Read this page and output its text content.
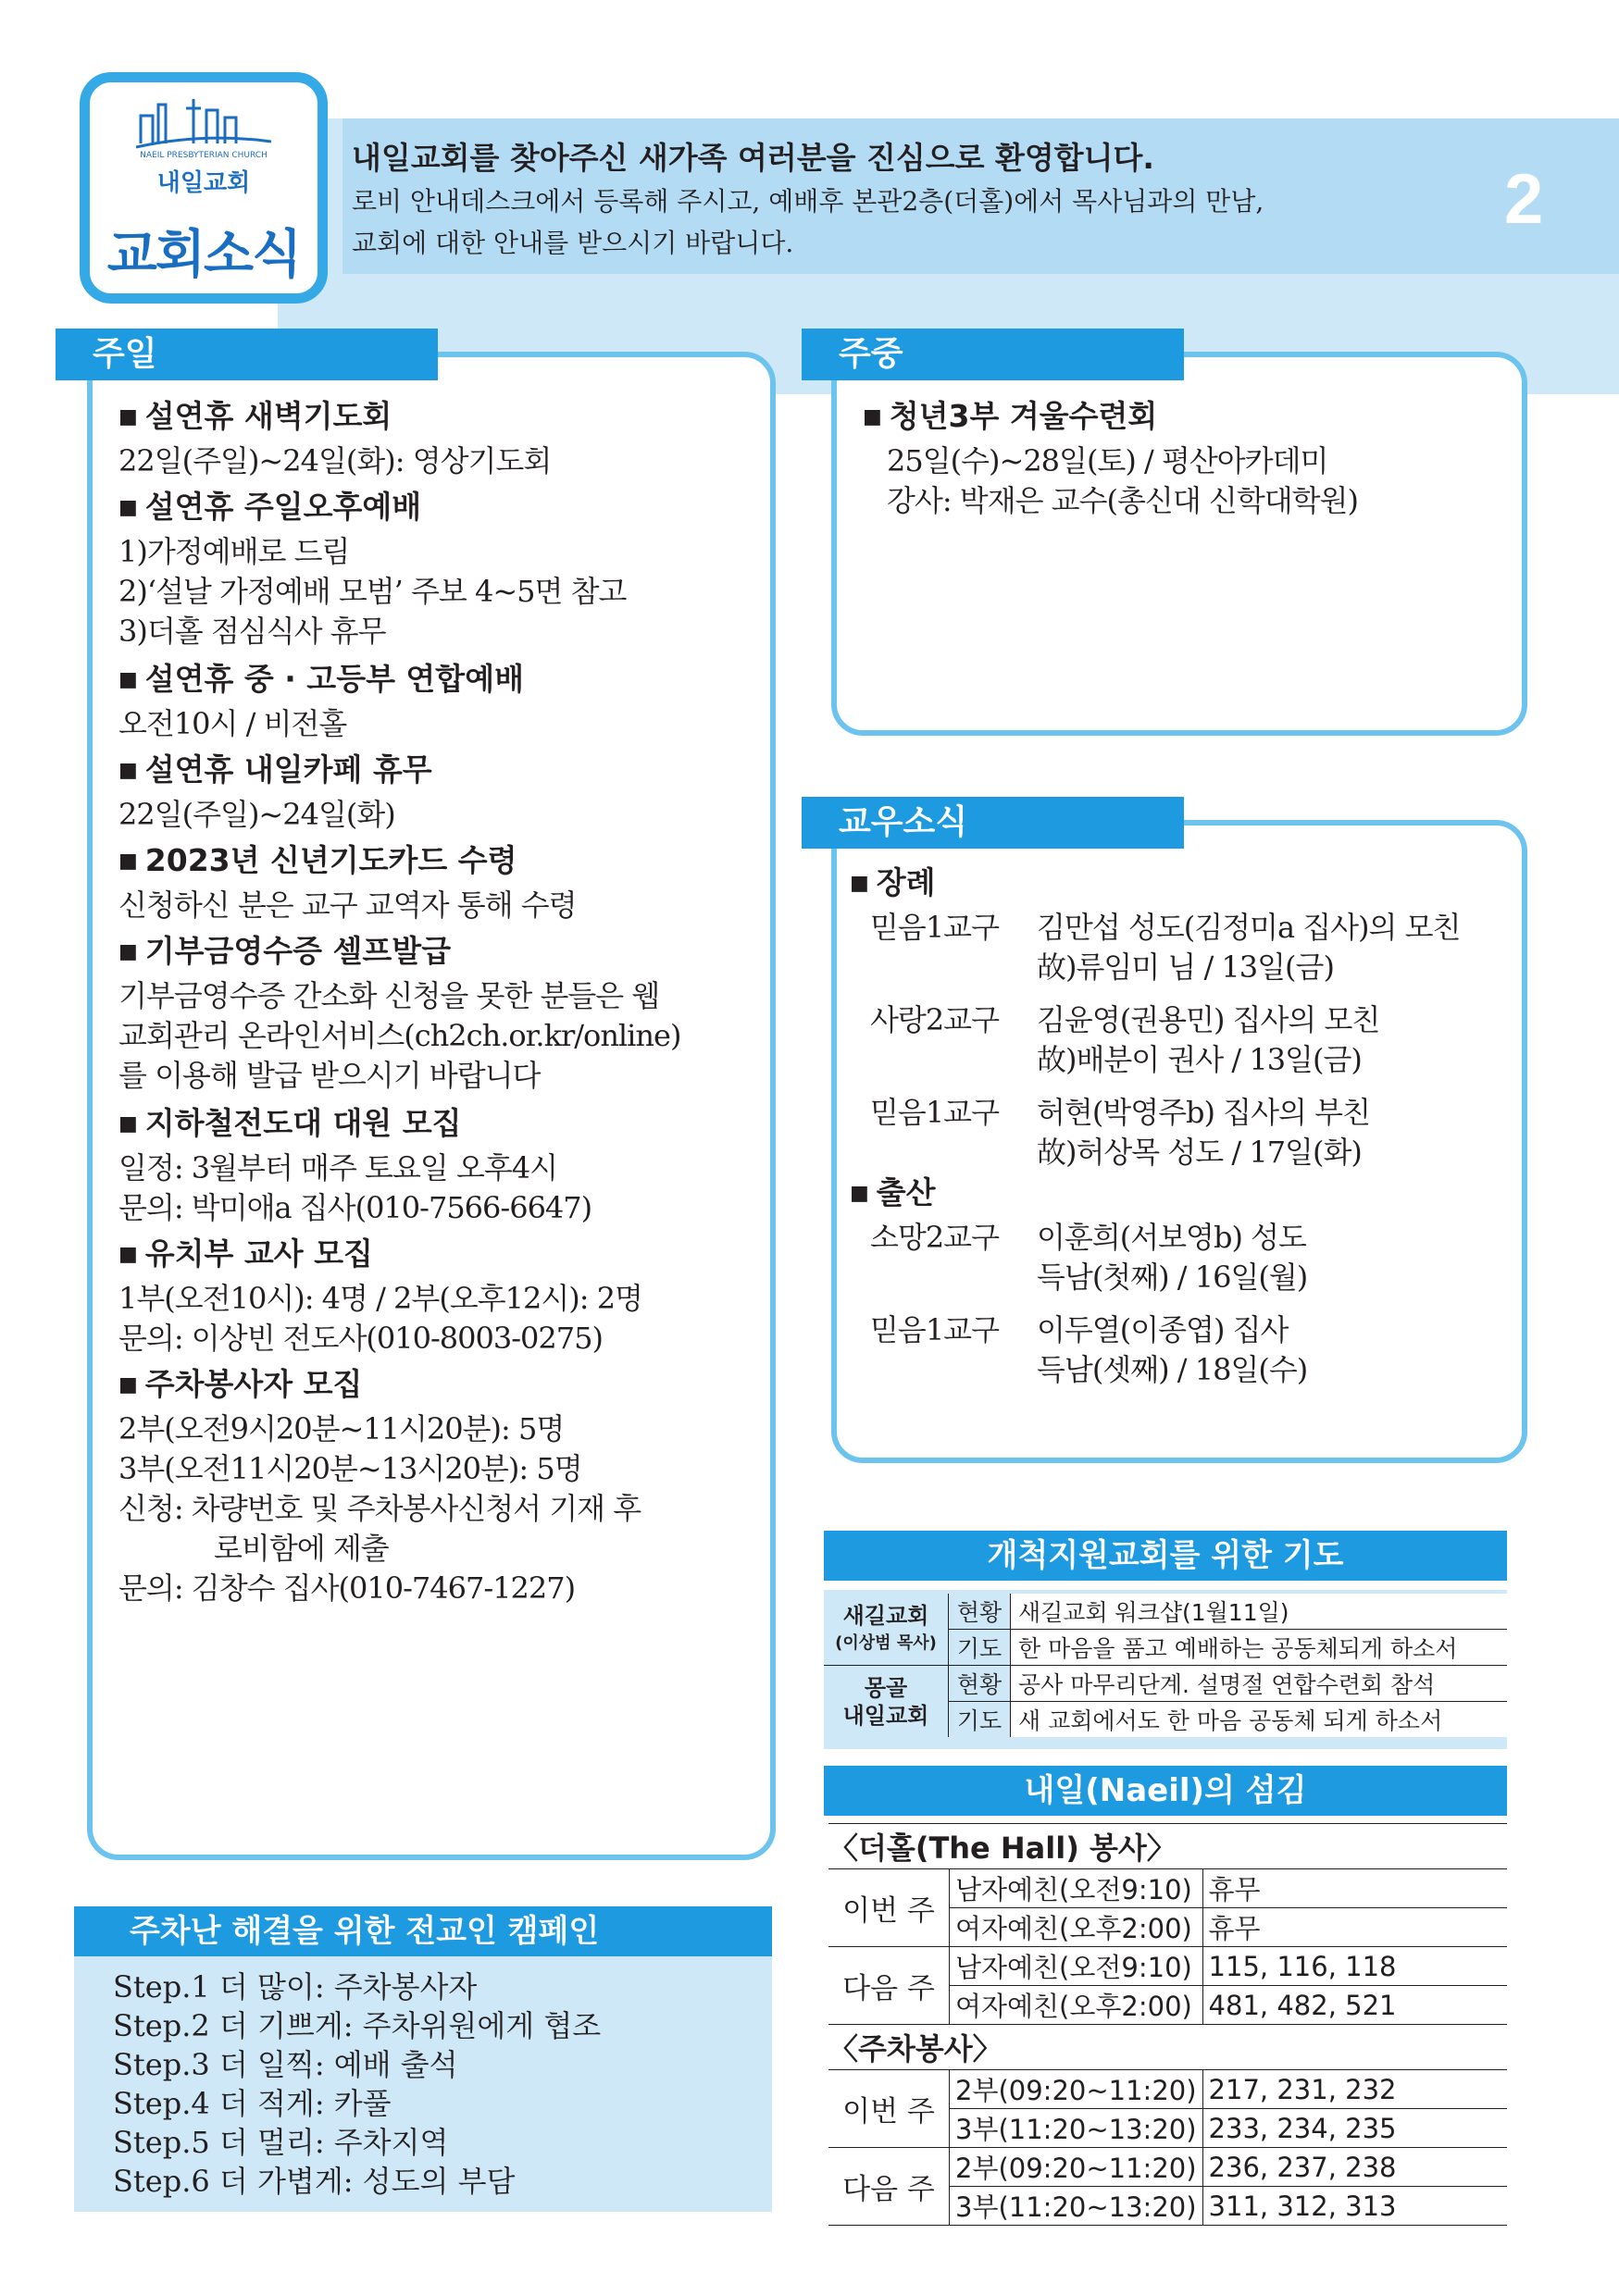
NAEIL PRESBYTERIAN CHURCH
내일교회
교회소식
내일교회를 찾아주신 새가족 여러분을 진심으로 환영합니다.
로비 안내데스크에서 등록해 주시고, 예배후 본관2층(더홀)에서 목사님과의 만남,
교회에 대한 안내를 받으시기 바랍니다.
2
주일
■ 설연휴 새벽기도회
22일(주일)~24일(화): 영상기도회
■ 설연휴 주일오후예배
1)가정예배로 드림
2)‘설날 가정예배 모범’ 주보 4~5면 참고
3)더홀 점심식사 휴무
■ 설연휴 중 · 고등부 연합예배
오전10시 / 비전홀
■ 설연휴 내일카페 휴무
22일(주일)~24일(화)
■ 2023년 신년기도카드 수령
신청하신 분은 교구 교역자 통해 수령
■ 기부금영수증 셀프발급
기부금영수증 간소화 신청을 못한 분들은 웹
교회관리 온라인서비스(ch2ch.or.kr/online)
를 이용해 발급 받으시기 바랍니다
■ 지하철전도대 대원 모집
일정: 3월부터 매주 토요일 오후4시
문의: 박미애a 집사(010-7566-6647)
■ 유치부 교사 모집
1부(오전10시): 4명 / 2부(오후12시): 2명
문의: 이상빈 전도사(010-8003-0275)
■ 주차봉사자 모집
2부(오전9시20분~11시20분): 5명
3부(오전11시20분~13시20분): 5명
신청: 차량번호 및 주차봉사신청서 기재 후
로비함에 제출
문의: 김창수 집사(010-7467-1227)
주중
■ 청년3부 겨울수련회
25일(수)~28일(토) / 평산아카데미
강사: 박재은 교수(총신대 신학대학원)
교우소식
■ 장례
믿음1교구	김만섭 성도(김정미a 집사)의 모친
故)류임미 님 / 13일(금)
사랑2교구	김윤영(권용민) 집사의 모친
故)배분이 권사 / 13일(금)
믿음1교구	허현(박영주b) 집사의 부친
故)허상목 성도 / 17일(화)
■ 출산
소망2교구	이훈희(서보영b) 성도
득남(첫째) / 16일(월)
믿음1교구	이두열(이종엽) 집사
득남(셋째) / 18일(수)
주차난 해결을 위한 전교인 캠페인
Step.1 더 많이: 주차봉사자
Step.2 더 기쁘게: 주차위원에게 협조
Step.3 더 일찍: 예배 출석
Step.4 더 적게: 카풀
Step.5 더 멀리: 주차지역
Step.6 더 가볍게: 성도의 부담
개척지원교회를 위한 기도
새길교회
(이상범 목사)	현황	새길교회 워크샵(1월11일)
	기도	한 마음을 품고 예배하는 공동체되게 하소서

몽골
내일교회	현황	공사 마무리단계. 설명절 연합수련회 참석
	기도	새 교회에서도 한 마음 공동체 되게 하소서
내일(Naeil)의 섬김
〈더홀(The Hall) 봉사〉		
이번 주	남자예친(오전9:10)	휴무
	여자예친(오후2:00)	휴무
다음 주	남자예친(오전9:10)	115, 116, 118
	여자예친(오후2:00)	481, 482, 521
〈주차봉사〉		
이번 주	2부(09:20~11:20)	217, 231, 232
	3부(11:20~13:20)	233, 234, 235
다음 주	2부(09:20~11:20)	236, 237, 238
	3부(11:20~13:20)	311, 312, 313
